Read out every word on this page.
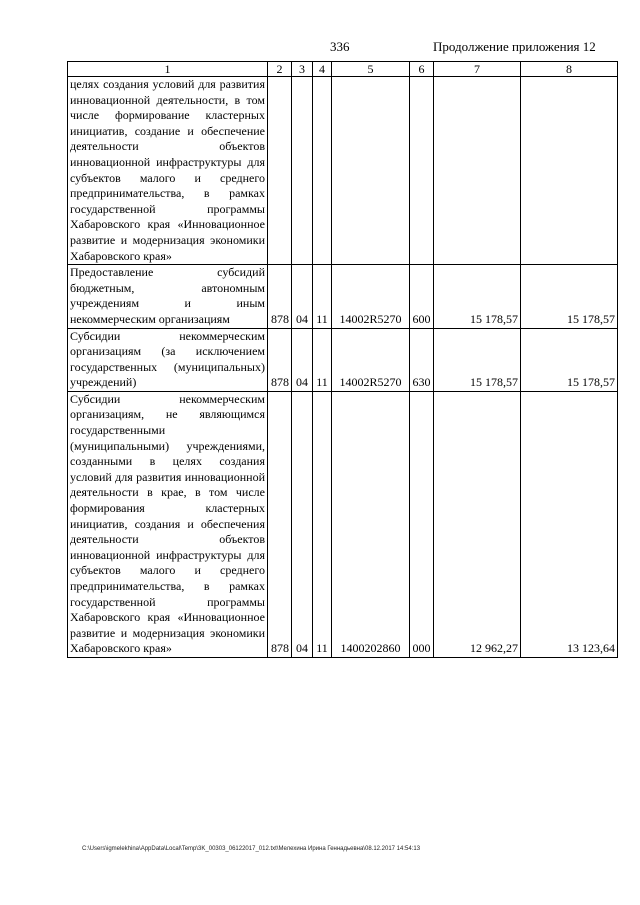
336	Продолжение приложения 12
1	2	3	4	5	6	7	8
целях создания условий для развития инновационной деятельности, в том числе формирование кластерных инициатив, создание и обеспечение деятельности объектов инновационной инфраструктуры для субъектов малого и среднего предпринимательства, в рамках государственной программы Хабаровского края «Инновационное развитие и модернизация экономики Хабаровского края»							
Предоставление субсидий бюджетным, автономным учреждениям и иным некоммерческим организациям	878	04	11	14002R5270	600	15 178,57	15 178,57
Субсидии некоммерческим организациям (за исключением государственных (муниципальных) учреждений)	878	04	11	14002R5270	630	15 178,57	15 178,57
Субсидии некоммерческим организациям, не являющимся государственными (муниципальными) учреждениями, созданными в целях создания условий для развития инновационной деятельности в крае, в том числе формирования кластерных инициатив, создания и обеспечения деятельности объектов инновационной инфраструктуры для субъектов малого и среднего предпринимательства, в рамках государственной программы Хабаровского края «Инновационное развитие и модернизация экономики Хабаровского края»	878	04	11	1400202860	000	12 962,27	13 123,64
C:\Users\igmelekhina\AppData\Local\Temp\3K_00303_06122017_012.txt\Мелехина Ирина Геннадьевна\08.12.2017 14:54:13
